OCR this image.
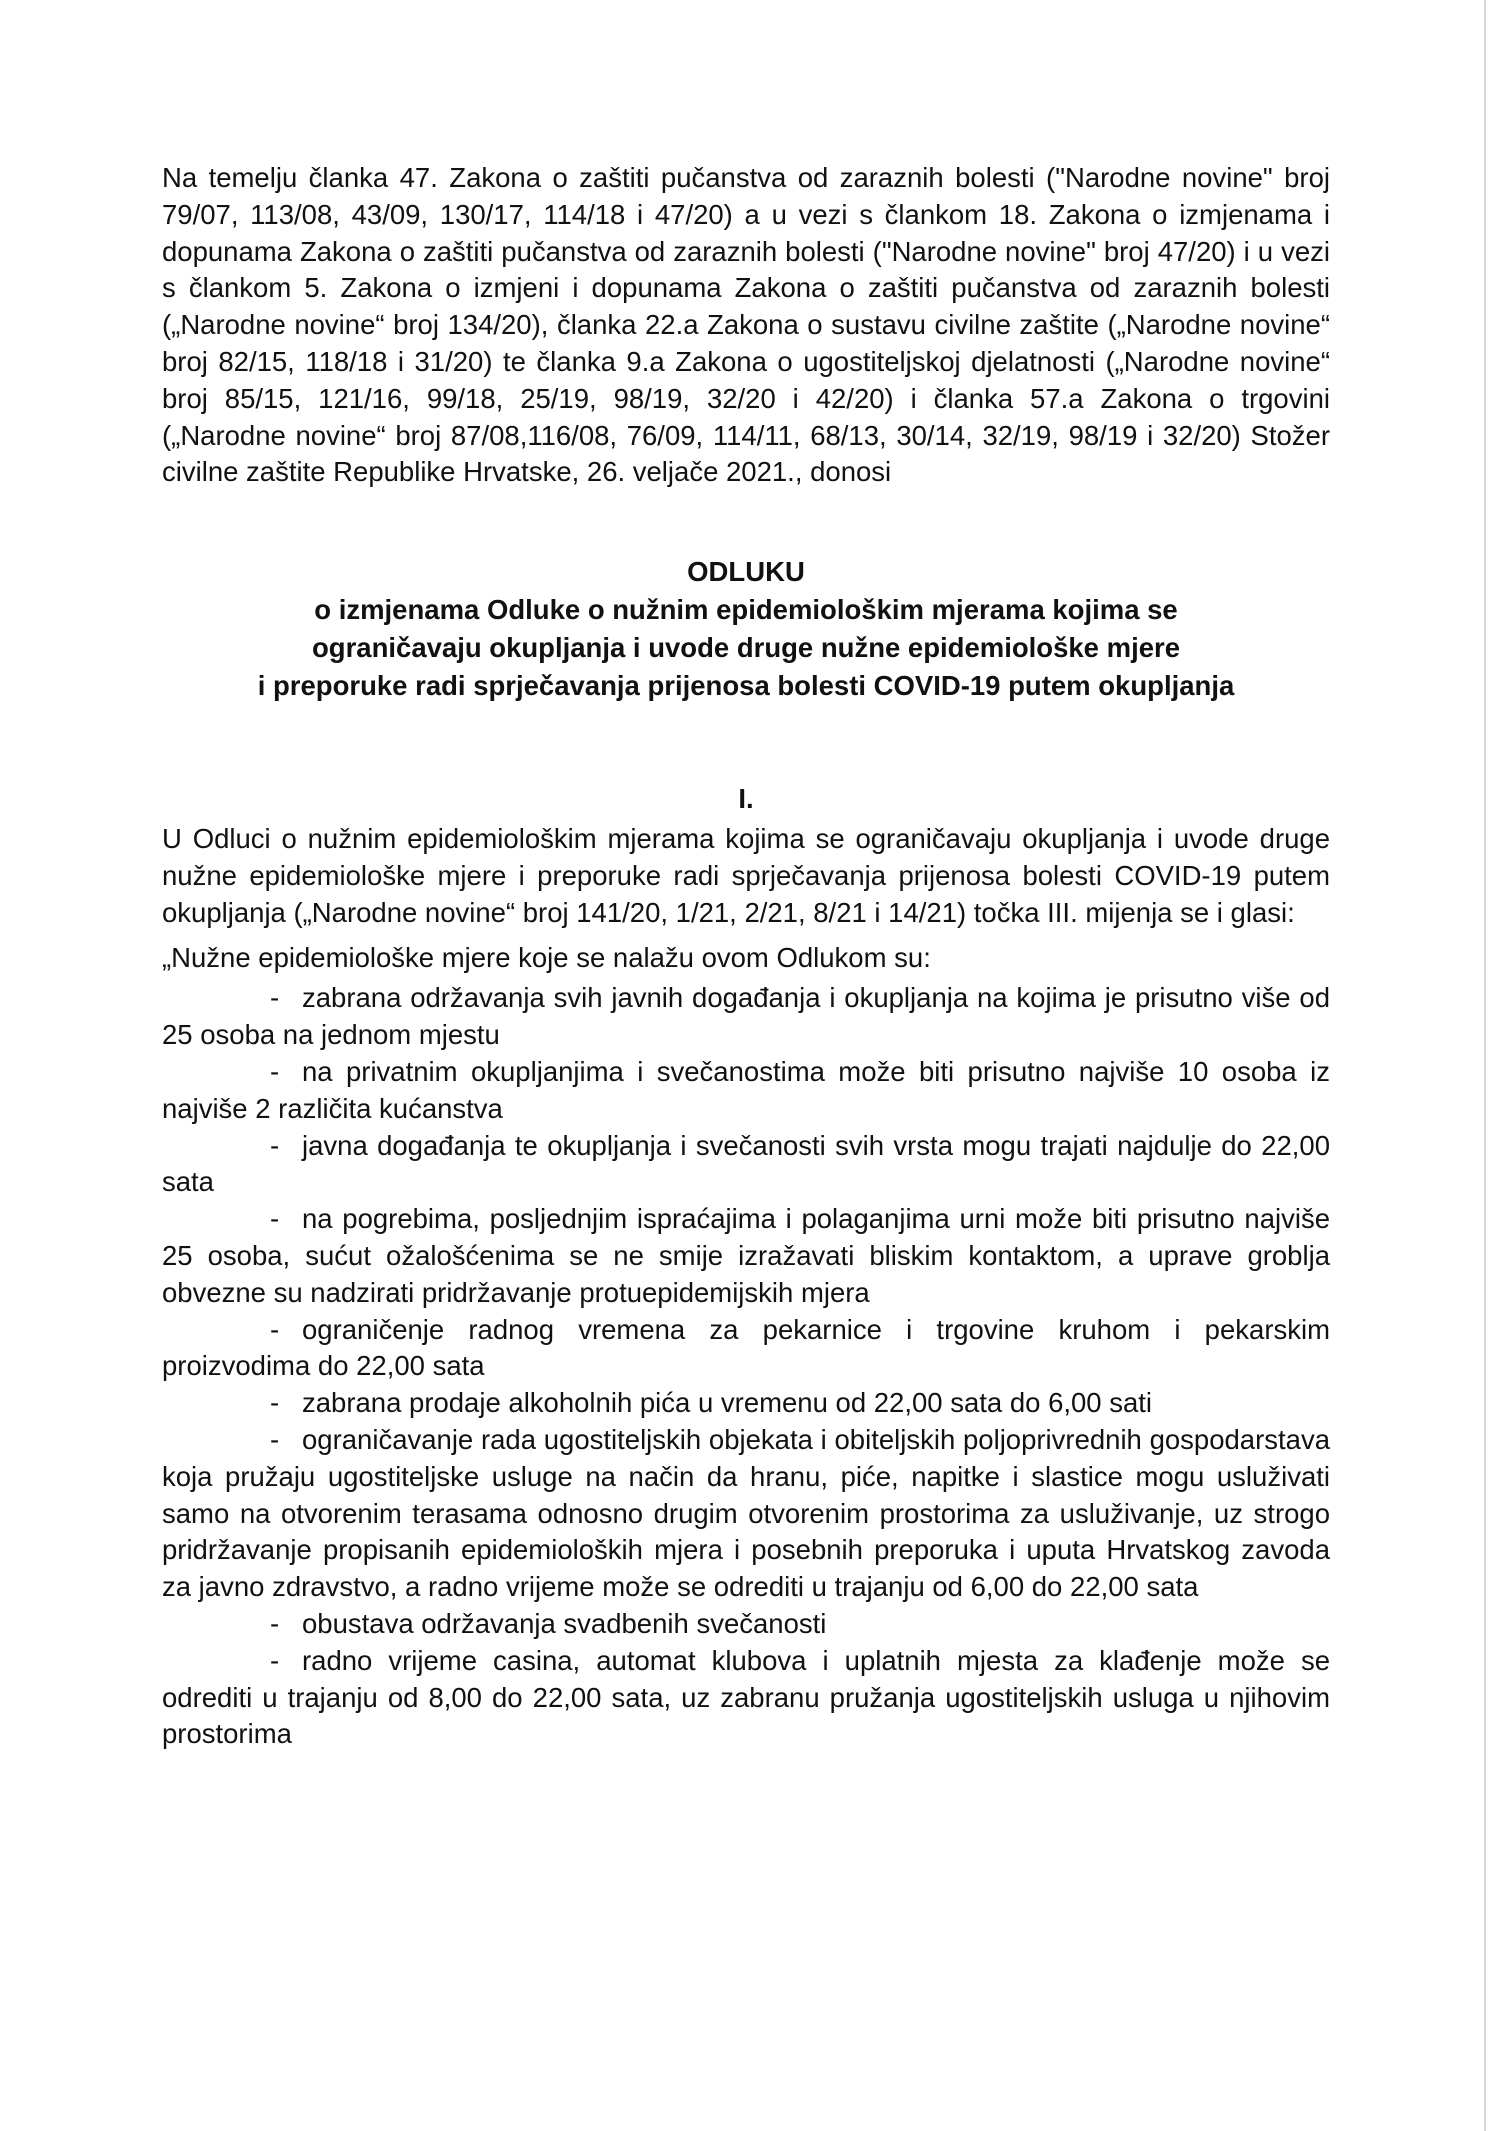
Na temelju članka 47. Zakona o zaštiti pučanstva od zaraznih bolesti ("Narodne novine" broj 79/07, 113/08, 43/09, 130/17, 114/18 i 47/20) a u vezi s člankom 18. Zakona o izmjenama i dopunama Zakona o zaštiti pučanstva od zaraznih bolesti ("Narodne novine" broj 47/20) i u vezi s člankom 5. Zakona o izmjeni i dopunama Zakona o zaštiti pučanstva od zaraznih bolesti („Narodne novine“ broj 134/20), članka 22.a Zakona o sustavu civilne zaštite („Narodne novine“ broj 82/15, 118/18 i 31/20) te članka 9.a Zakona o ugostiteljskoj djelatnosti („Narodne novine“ broj 85/15, 121/16, 99/18, 25/19, 98/19, 32/20 i 42/20) i članka 57.a Zakona o trgovini („Narodne novine“ broj 87/08,116/08, 76/09, 114/11, 68/13, 30/14, 32/19, 98/19 i 32/20) Stožer civilne zaštite Republike Hrvatske, 26. veljače 2021., donosi

ODLUKU
o izmjenama Odluke o nužnim epidemiološkim mjerama kojima se
ograničavaju okupljanja i uvode druge nužne epidemiološke mjere
i preporuke radi sprječavanja prijenosa bolesti COVID-19 putem okupljanja
I.

U Odluci o nužnim epidemiološkim mjerama kojima se ograničavaju okupljanja i uvode druge nužne epidemiološke mjere i preporuke radi sprječavanja prijenosa bolesti COVID-19 putem okupljanja („Narodne novine“ broj 141/20, 1/21, 2/21, 8/21 i 14/21) točka III. mijenja se i glasi:

„Nužne epidemiološke mjere koje se nalažu ovom Odlukom su:

- zabrana održavanja svih javnih događanja i okupljanja na kojima je prisutno više od 25 osoba na jednom mjestu
- na privatnim okupljanjima i svečanostima može biti prisutno najviše 10 osoba iz najviše 2 različita kućanstva
- javna događanja te okupljanja i svečanosti svih vrsta mogu trajati najdulje do 22,00 sata
- na pogrebima, posljednjim ispraćajima i polaganjima urni može biti prisutno najviše 25 osoba, sućut ožalošćenima se ne smije izražavati bliskim kontaktom, a uprave groblja obvezne su nadzirati pridržavanje protuepidemijskih mjera
- ograničenje radnog vremena za pekarnice i trgovine kruhom i pekarskim proizvodima do 22,00 sata
- zabrana prodaje alkoholnih pića u vremenu od 22,00 sata do 6,00 sati
- ograničavanje rada ugostiteljskih objekata i obiteljskih poljoprivrednih gospodarstava koja pružaju ugostiteljske usluge na način da hranu, piće, napitke i slastice mogu usluživati samo na otvorenim terasama odnosno drugim otvorenim prostorima za usluživanje, uz strogo pridržavanje propisanih epidemioloških mjera i posebnih preporuka i uputa Hrvatskog zavoda za javno zdravstvo, a radno vrijeme može se odrediti u trajanju od 6,00 do 22,00 sata
- obustava održavanja svadbenih svečanosti
- radno vrijeme casina, automat klubova i uplatnih mjesta za klađenje može se odrediti u trajanju od 8,00 do 22,00 sata, uz zabranu pružanja ugostiteljskih usluga u njihovim prostorima
